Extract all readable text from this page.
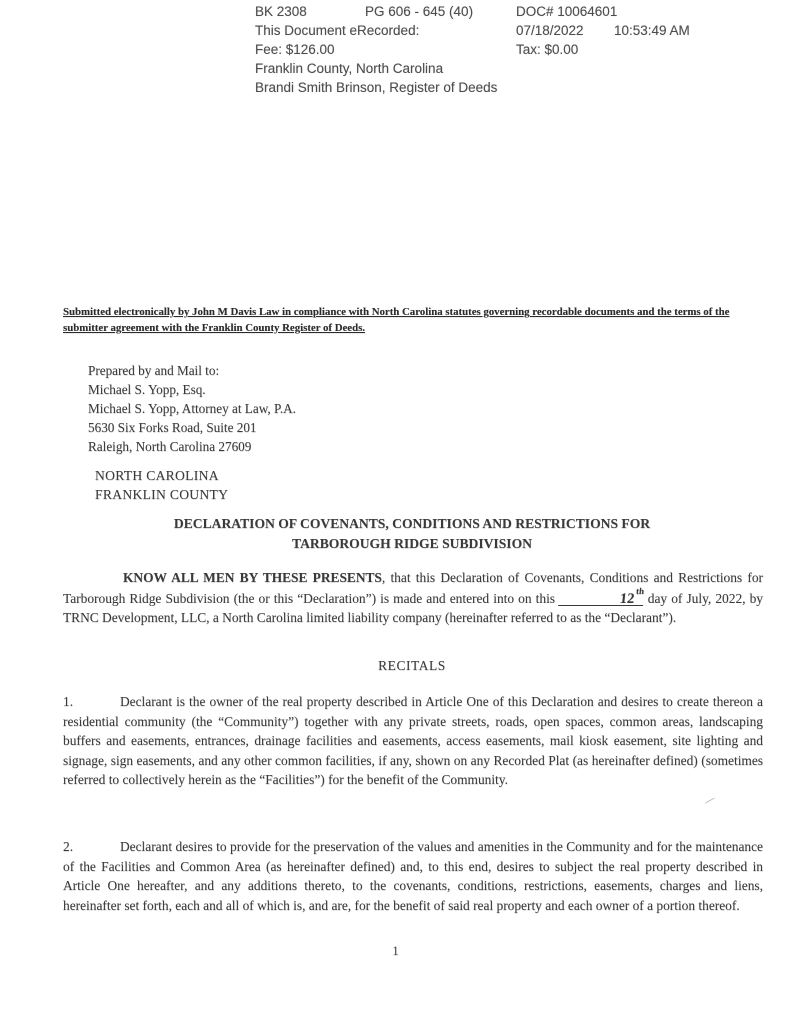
BK 2308	PG 606 - 645 (40)	DOC# 10064601
This Document eRecorded:	07/18/2022 10:53:49 AM
Fee: $126.00	Tax: $0.00
Franklin County, North Carolina
Brandi Smith Brinson, Register of Deeds
Submitted electronically by John M Davis Law in compliance with North Carolina statutes governing recordable documents and the terms of the submitter agreement with the Franklin County Register of Deeds.
Prepared by and Mail to:
Michael S. Yopp, Esq.
Michael S. Yopp, Attorney at Law, P.A.
5630 Six Forks Road, Suite 201
Raleigh, North Carolina 27609
NORTH CAROLINA
FRANKLIN COUNTY
DECLARATION OF COVENANTS, CONDITIONS AND RESTRICTIONS FOR
TARBOROUGH RIDGE SUBDIVISION

KNOW ALL MEN BY THESE PRESENTS, that this Declaration of Covenants, Conditions and Restrictions for Tarborough Ridge Subdivision (the or this “Declaration”) is made and entered into on this	12th day of July, 2022, by TRNC Development, LLC, a North Carolina limited liability company (hereinafter referred to as the “Declarant”).

RECITALS

1.	Declarant is the owner of the real property described in Article One of this Declaration and desires to create thereon a residential community (the “Community”) together with any private streets, roads, open spaces, common areas, landscaping buffers and easements, entrances, drainage facilities and easements, access easements, mail kiosk easement, site lighting and signage, sign easements, and any other common facilities, if any, shown on any Recorded Plat (as hereinafter defined) (sometimes referred to collectively herein as the “Facilities”) for the benefit of the Community.

2.	Declarant desires to provide for the preservation of the values and amenities in the Community and for the maintenance of the Facilities and Common Area (as hereinafter defined) and, to this end, desires to subject the real property described in Article One hereafter, and any additions thereto, to the covenants, conditions, restrictions, easements, charges and liens, hereinafter set forth, each and all of which is, and are, for the benefit of said real property and each owner of a portion thereof.

1
